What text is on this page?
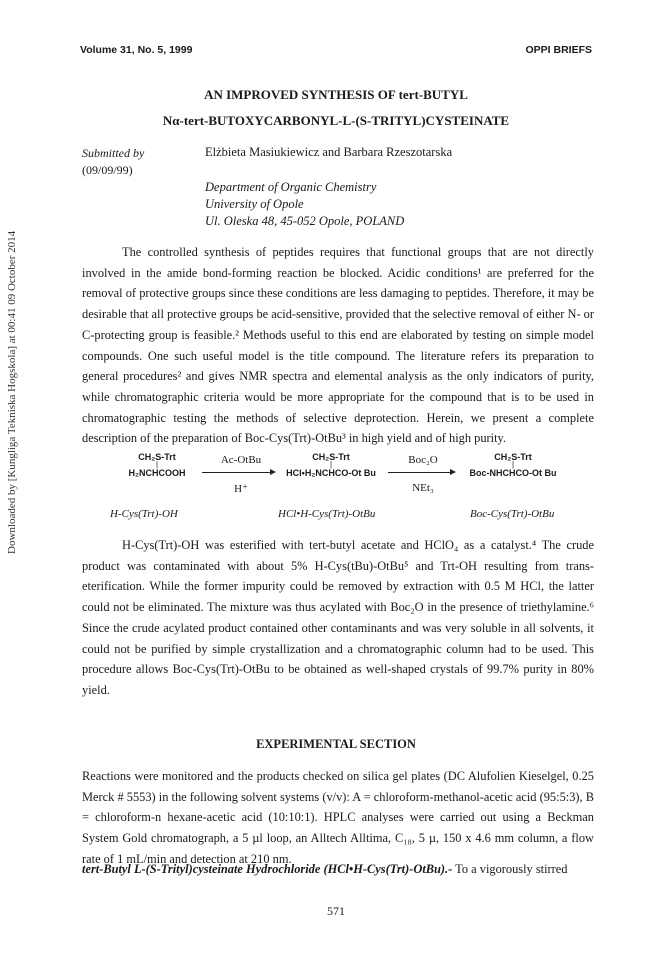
Downloaded by [Kungliga Tekniska Hogskola] at 00:41 09 October 2014
Volume 31, No. 5, 1999	OPPI BRIEFS
AN IMPROVED SYNTHESIS OF tert-BUTYL
Nα-tert-BUTOXYCARBONYL-L-(S-TRITYL)CYSTEINATE
Submitted by
(09/09/99)
Elżbieta Masiukiewicz and Barbara Rzeszotarska
Department of Organic Chemistry
University of Opole
Ul. Oleska 48, 45-052 Opole, POLAND

The controlled synthesis of peptides requires that functional groups that are not directly involved in the amide bond-forming reaction be blocked. Acidic conditions¹ are preferred for the removal of protective groups since these conditions are less damaging to peptides. Therefore, it may be desirable that all protective groups be acid-sensitive, provided that the selective removal of either N- or C-protecting group is feasible.² Methods useful to this end are elaborated by testing on simple model compounds. One such useful model is the title compound. The literature refers its preparation to general procedures² and gives NMR spectra and elemental analysis as the only indicators of purity, while chromatographic criteria would be more appropriate for the compound that is to be used in chromatographic testing the methods of selective deprotection. Herein, we present a complete description of the preparation of Boc-Cys(Trt)-OtBu³ in high yield and of high purity.

CH₂S-Trt
|
H₂NCHCOOH
Ac-OtBu
H⁺
CH₂S-Trt
|
HCl•H₂NCHCO-Ot Bu
Boc₂O
NEt₃
CH₂S-Trt
|
Boc-NHCHCO-Ot Bu
H-Cys(Trt)-OH	HCl•H-Cys(Trt)-OtBu	Boc-Cys(Trt)-OtBu

H-Cys(Trt)-OH was esterified with tert-butyl acetate and HClO₄ as a catalyst.⁴ The crude product was contaminated with about 5% H-Cys(tBu)-OtBu⁵ and Trt-OH resulting from trans-eterification. While the former impurity could be removed by extraction with 0.5 M HCl, the latter could not be eliminated. The mixture was thus acylated with Boc₂O in the presence of triethylamine.⁶ Since the crude acylated product contained other contaminants and was very soluble in all solvents, it could not be purified by simple crystallization and a chromatographic column had to be used. This procedure allows Boc-Cys(Trt)-OtBu to be obtained as well-shaped crystals of 99.7% purity in 80% yield.

EXPERIMENTAL SECTION

Reactions were monitored and the products checked on silica gel plates (DC Alufolien Kieselgel, 0.25 Merck # 5553) in the following solvent systems (v/v): A = chloroform-methanol-acetic acid (95:5:3), B = chloroform-n hexane-acetic acid (10:10:1). HPLC analyses were carried out using a Beckman System Gold chromatograph, a 5 µl loop, an Alltech Alltima, C₁₈, 5 µ, 150 x 4.6 mm column, a flow rate of 1 mL/min and detection at 210 nm.

tert-Butyl L-(S-Trityl)cysteinate Hydrochloride (HCl•H-Cys(Trt)-OtBu).- To a vigorously stirred
571
